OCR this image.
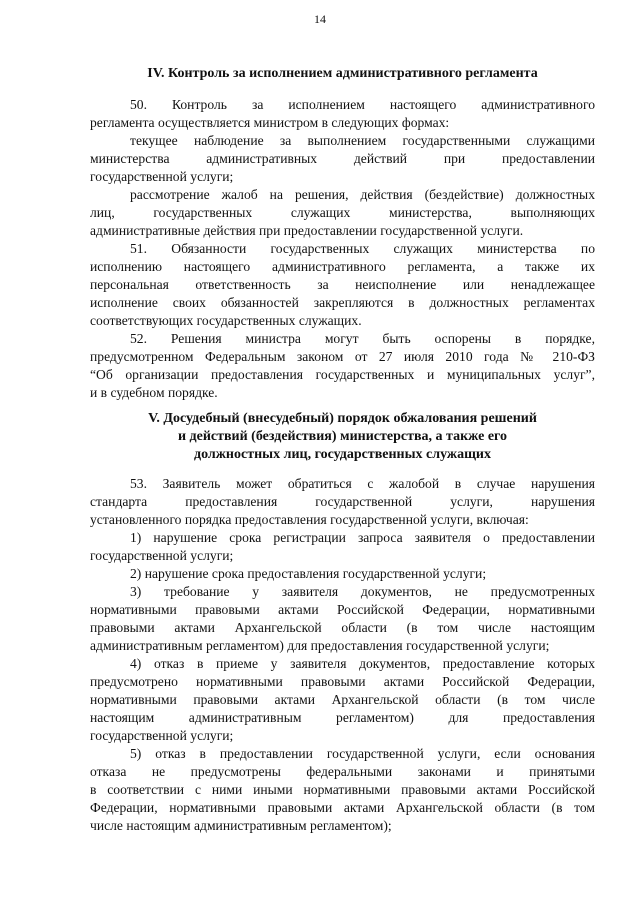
14
IV. Контроль за исполнением административного регламента
50. Контроль за исполнением настоящего административного
регламента осуществляется министром в следующих формах:
текущее наблюдение за выполнением государственными служащими
министерства административных действий при предоставлении
государственной услуги;
рассмотрение жалоб на решения, действия (бездействие) должностных
лиц, государственных служащих министерства, выполняющих
административные действия при предоставлении государственной услуги.
51. Обязанности государственных служащих министерства по
исполнению настоящего административного регламента, а также их
персональная ответственность за неисполнение или ненадлежащее
исполнение своих обязанностей закрепляются в должностных регламентах
соответствующих государственных служащих.
52. Решения министра могут быть оспорены в порядке,
предусмотренном Федеральным законом от 27 июля 2010 года № 210-ФЗ
“Об организации предоставления государственных и муниципальных услуг”,
и в судебном порядке.
V. Досудебный (внесудебный) порядок обжалования решений
и действий (бездействия) министерства, а также его
должностных лиц, государственных служащих
53. Заявитель может обратиться с жалобой в случае нарушения
стандарта предоставления государственной услуги, нарушения
установленного порядка предоставления государственной услуги, включая:
1) нарушение срока регистрации запроса заявителя о предоставлении
государственной услуги;
2) нарушение срока предоставления государственной услуги;
3) требование у заявителя документов, не предусмотренных
нормативными правовыми актами Российской Федерации, нормативными
правовыми актами Архангельской области (в том числе настоящим
административным регламентом) для предоставления государственной услуги;
4) отказ в приеме у заявителя документов, предоставление которых
предусмотрено нормативными правовыми актами Российской Федерации,
нормативными правовыми актами Архангельской области (в том числе
настоящим административным регламентом) для предоставления
государственной услуги;
5) отказ в предоставлении государственной услуги, если основания
отказа не предусмотрены федеральными законами и принятыми
в соответствии с ними иными нормативными правовыми актами Российской
Федерации, нормативными правовыми актами Архангельской области (в том
числе настоящим административным регламентом);
